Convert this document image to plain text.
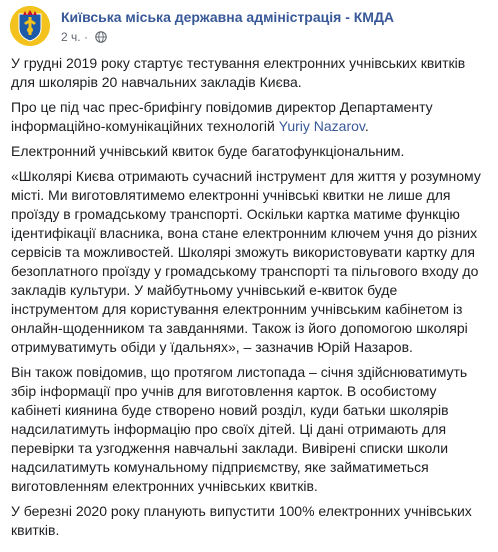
Київська міська державна адміністрація - КМДА
2 ч. ·

У грудні 2019 року стартує тестування електронних учнівських квитків для школярів 20 навчальних закладів Києва.

Про це під час прес-брифінгу повідомив директор Департаменту інформаційно-комунікаційних технологій Yuriy Nazarov.

Електронний учнівський квиток буде багатофункціональним.

«Школярі Києва отримають сучасний інструмент для життя у розумному місті. Ми виготовлятимемо електронні учнівські квитки не лише для проїзду в громадському транспорті. Оскільки картка матиме функцію ідентифікації власника, вона стане електронним ключем учня до різних сервісів та можливостей. Школярі зможуть використовувати картку для безоплатного проїзду у громадському транспорті та пільгового входу до закладів культури. У майбутньому учнівський е-квиток буде інструментом для користування електронним учнівським кабінетом із онлайн-щоденником та завданнями. Також із його допомогою школярі отримуватимуть обіди у їдальнях», – зазначив Юрій Назаров.

Він також повідомив, що протягом листопада – січня здійснюватимуть збір інформації про учнів для виготовлення карток. В особистому кабінеті киянина буде створено новий розділ, куди батьки школярів надсилатимуть інформацію про своїх дітей. Ці дані отримають для перевірки та узгодження навчальні заклади. Вивірені списки школи надсилатимуть комунальному підприємству, яке займатиметься виготовленням електронних учнівських квитків.

У березні 2020 року планують випустити 100% електронних учнівських квитків.
